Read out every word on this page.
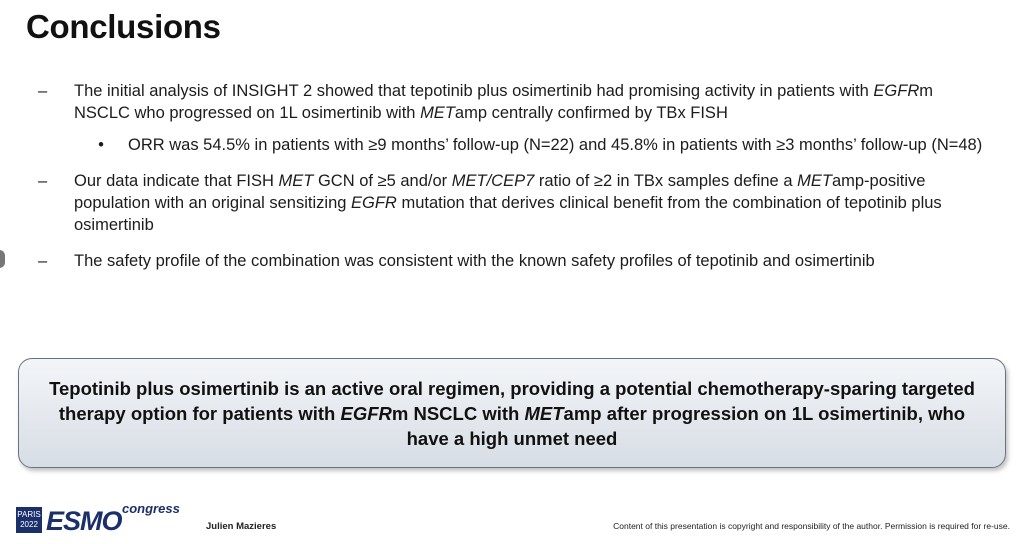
Conclusions
–	The initial analysis of INSIGHT 2 showed that tepotinib plus osimertinib had promising activity in patients with EGFRm NSCLC who progressed on 1L osimertinib with METamp centrally confirmed by TBx FISH
•	ORR was 54.5% in patients with ≥9 months’ follow-up (N=22) and 45.8% in patients with ≥3 months’ follow-up (N=48)
–	Our data indicate that FISH MET GCN of ≥5 and/or MET/CEP7 ratio of ≥2 in TBx samples define a METamp-positive population with an original sensitizing EGFR mutation that derives clinical benefit from the combination of tepotinib plus osimertinib
–	The safety profile of the combination was consistent with the known safety profiles of tepotinib and osimertinib
Tepotinib plus osimertinib is an active oral regimen, providing a potential chemotherapy-sparing targeted therapy option for patients with EGFRm NSCLC with METamp after progression on 1L osimertinib, who have a high unmet need
PARIS
2022 ESMO congress
Julien Mazieres	Content of this presentation is copyright and responsibility of the author. Permission is required for re-use.
